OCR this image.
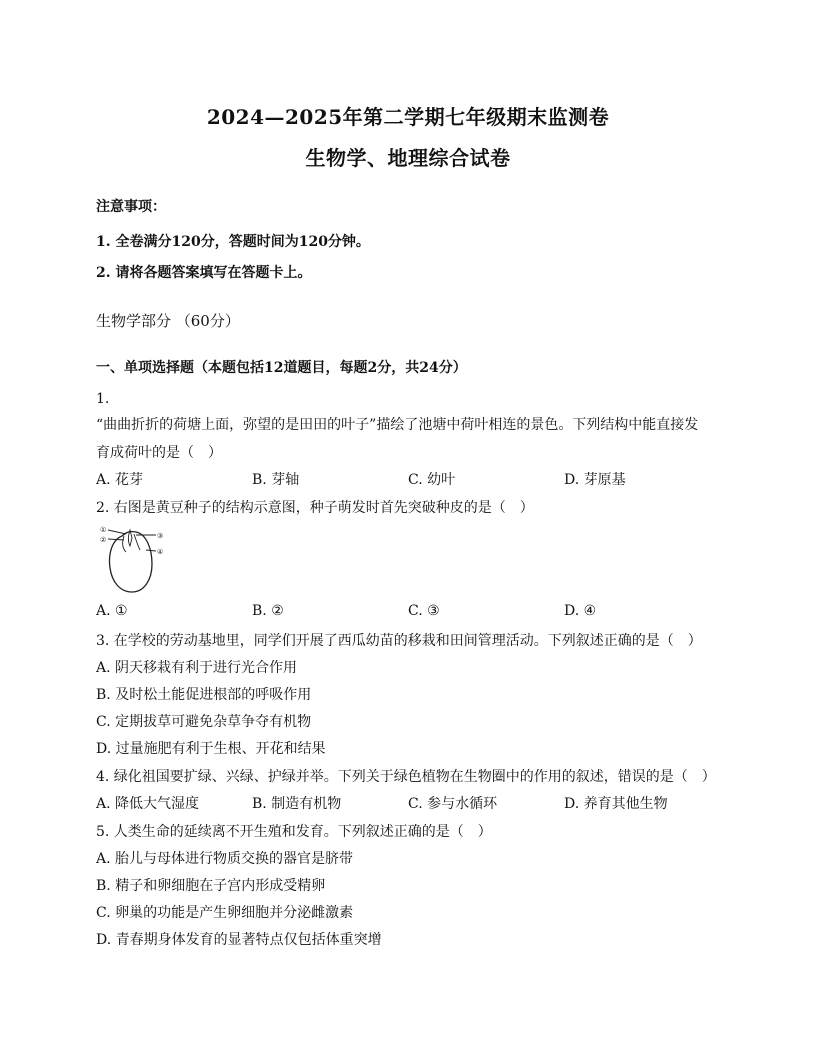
2024—2025年第二学期七年级期末监测卷
生物学、地理综合试卷
注意事项：
1. 全卷满分120分，答题时间为120分钟。
2. 请将各题答案填写在答题卡上。
生物学部分 （60分）
一、单项选择题（本题包括12道题目，每题2分，共24分）
1.
“曲曲折折的荷塘上面，弥望的是田田的叶子”描绘了池塘中荷叶相连的景色。下列结构中能直接发
育成荷叶的是（　）
A. 花芽	B. 芽轴	C. 幼叶	D. 芽原基
2. 右图是黄豆种子的结构示意图，种子萌发时首先突破种皮的是（　）
①
②	③
④
A. ①	B. ②	C. ③	D. ④
3. 在学校的劳动基地里，同学们开展了西瓜幼苗的移栽和田间管理活动。下列叙述正确的是（　）
A. 阴天移栽有利于进行光合作用
B. 及时松土能促进根部的呼吸作用
C. 定期拔草可避免杂草争夺有机物
D. 过量施肥有利于生根、开花和结果
4. 绿化祖国要扩绿、兴绿、护绿并举。下列关于绿色植物在生物圈中的作用的叙述，错误的是（　）
A. 降低大气湿度	B. 制造有机物	C. 参与水循环	D. 养育其他生物
5. 人类生命的延续离不开生殖和发育。下列叙述正确的是（　）
A. 胎儿与母体进行物质交换的器官是脐带
B. 精子和卵细胞在子宫内形成受精卵
C. 卵巢的功能是产生卵细胞并分泌雌激素
D. 青春期身体发育的显著特点仅包括体重突增
